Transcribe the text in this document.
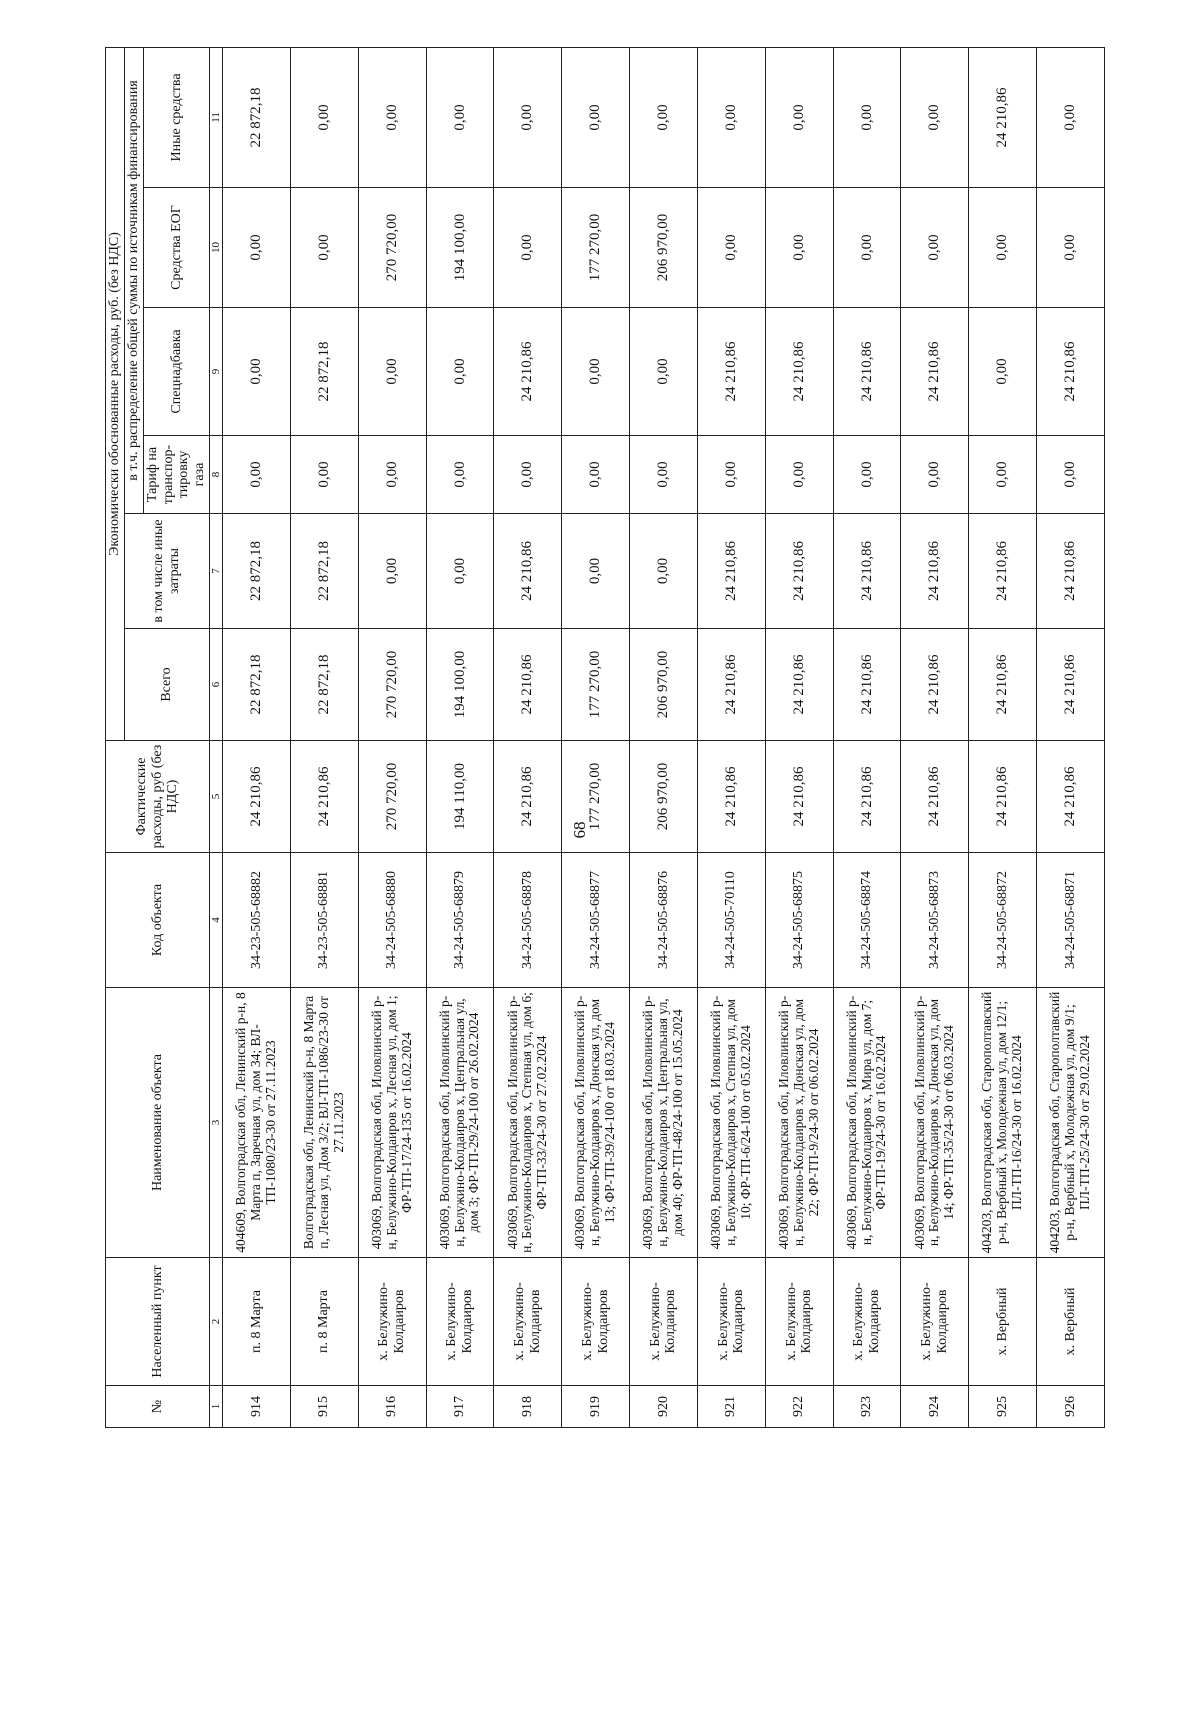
68
№	Населенный пункт	Наименование объекта	Код объекта	Фактические расходы, руб (без НДС)	Экономически обоснованные расходы, руб. (без НДС)					
					Всего	в том числе иные затраты	в т.ч. распределение общей суммы по источникам финансирования			
							Тариф на транспор-тировку газа	Спецнадбавка	Средства ЕОГ	Иные средства
1	2	3	4	5	6	7	8	9	10	11
914	п. 8 Марта	404609, Волгоградская обл, Ленинский р-н, 8 Марта п, Заречная ул, дом 34; ВЛ-ТП-1080/23-30 от 27.11.2023	34-23-505-68882	24 210,86	22 872,18	22 872,18	0,00	0,00	0,00	22 872,18
915	п. 8 Марта	Волгоградская обл, Ленинский р-н, 8 Марта п, Лесная ул, Дом 3/2; ВЛ-ТП-1086/23-30 от 27.11.2023	34-23-505-68881	24 210,86	22 872,18	22 872,18	0,00	22 872,18	0,00	0,00
916	х. Белужино-Колдаиров	403069, Волгоградская обл, Иловлинский р-н, Белужино-Колдаиров х, Лесная ул, дом 1; ФР-ТП-17/24-135 от 16.02.2024	34-24-505-68880	270 720,00	270 720,00	0,00	0,00	0,00	270 720,00	0,00
917	х. Белужино-Колдаиров	403069, Волгоградская обл, Иловлинский р-н, Белужино-Колдаиров х, Центральная ул, дом 3; ФР-ТП-29/24-100 от 26.02.2024	34-24-505-68879	194 110,00	194 100,00	0,00	0,00	0,00	194 100,00	0,00
918	х. Белужино-Колдаиров	403069, Волгоградская обл, Иловлинский р-н, Белужино-Колдаиров х, Степная ул, дом 6; ФР-ТП-33/24-30 от 27.02.2024	34-24-505-68878	24 210,86	24 210,86	24 210,86	0,00	24 210,86	0,00	0,00
919	х. Белужино-Колдаиров	403069, Волгоградская обл, Иловлинский р-н, Белужино-Колдаиров х, Донская ул, дом 13; ФР-ТП-39/24-100 от 18.03.2024	34-24-505-68877	177 270,00	177 270,00	0,00	0,00	0,00	177 270,00	0,00
920	х. Белужино-Колдаиров	403069, Волгоградская обл, Иловлинский р-н, Белужино-Колдаиров х, Центральная ул, дом 40; ФР-ТП-48/24-100 от 15.05.2024	34-24-505-68876	206 970,00	206 970,00	0,00	0,00	0,00	206 970,00	0,00
921	х. Белужино-Колдаиров	403069, Волгоградская обл, Иловлинский р-н, Белужино-Колдаиров х, Степная ул, дом 10; ФР-ТП-6/24-100 от 05.02.2024	34-24-505-70110	24 210,86	24 210,86	24 210,86	0,00	24 210,86	0,00	0,00
922	х. Белужино-Колдаиров	403069, Волгоградская обл, Иловлинский р-н, Белужино-Колдаиров х, Донская ул, дом 22; ФР-ТП-9/24-30 от 06.02.2024	34-24-505-68875	24 210,86	24 210,86	24 210,86	0,00	24 210,86	0,00	0,00
923	х. Белужино-Колдаиров	403069, Волгоградская обл, Иловлинский р-н, Белужино-Колдаиров х, Мира ул, дом 7; ФР-ТП-19/24-30 от 16.02.2024	34-24-505-68874	24 210,86	24 210,86	24 210,86	0,00	24 210,86	0,00	0,00
924	х. Белужино-Колдаиров	403069, Волгоградская обл, Иловлинский р-н, Белужино-Колдаиров х, Донская ул, дом 14; ФР-ТП-35/24-30 от 06.03.2024	34-24-505-68873	24 210,86	24 210,86	24 210,86	0,00	24 210,86	0,00	0,00
925	х. Вербный	404203, Волгоградская обл, Старополтавский р-н, Вербный х, Молодежная ул, дом 12/1; ПЛ-ТП-16/24-30 от 16.02.2024	34-24-505-68872	24 210,86	24 210,86	24 210,86	0,00	0,00	0,00	24 210,86
926	х. Вербный	404203, Волгоградская обл, Старополтавский р-н, Вербный х, Молодежная ул, дом 9/1; ПЛ-ТП-25/24-30 от 29.02.2024	34-24-505-68871	24 210,86	24 210,86	24 210,86	0,00	24 210,86	0,00	0,00
